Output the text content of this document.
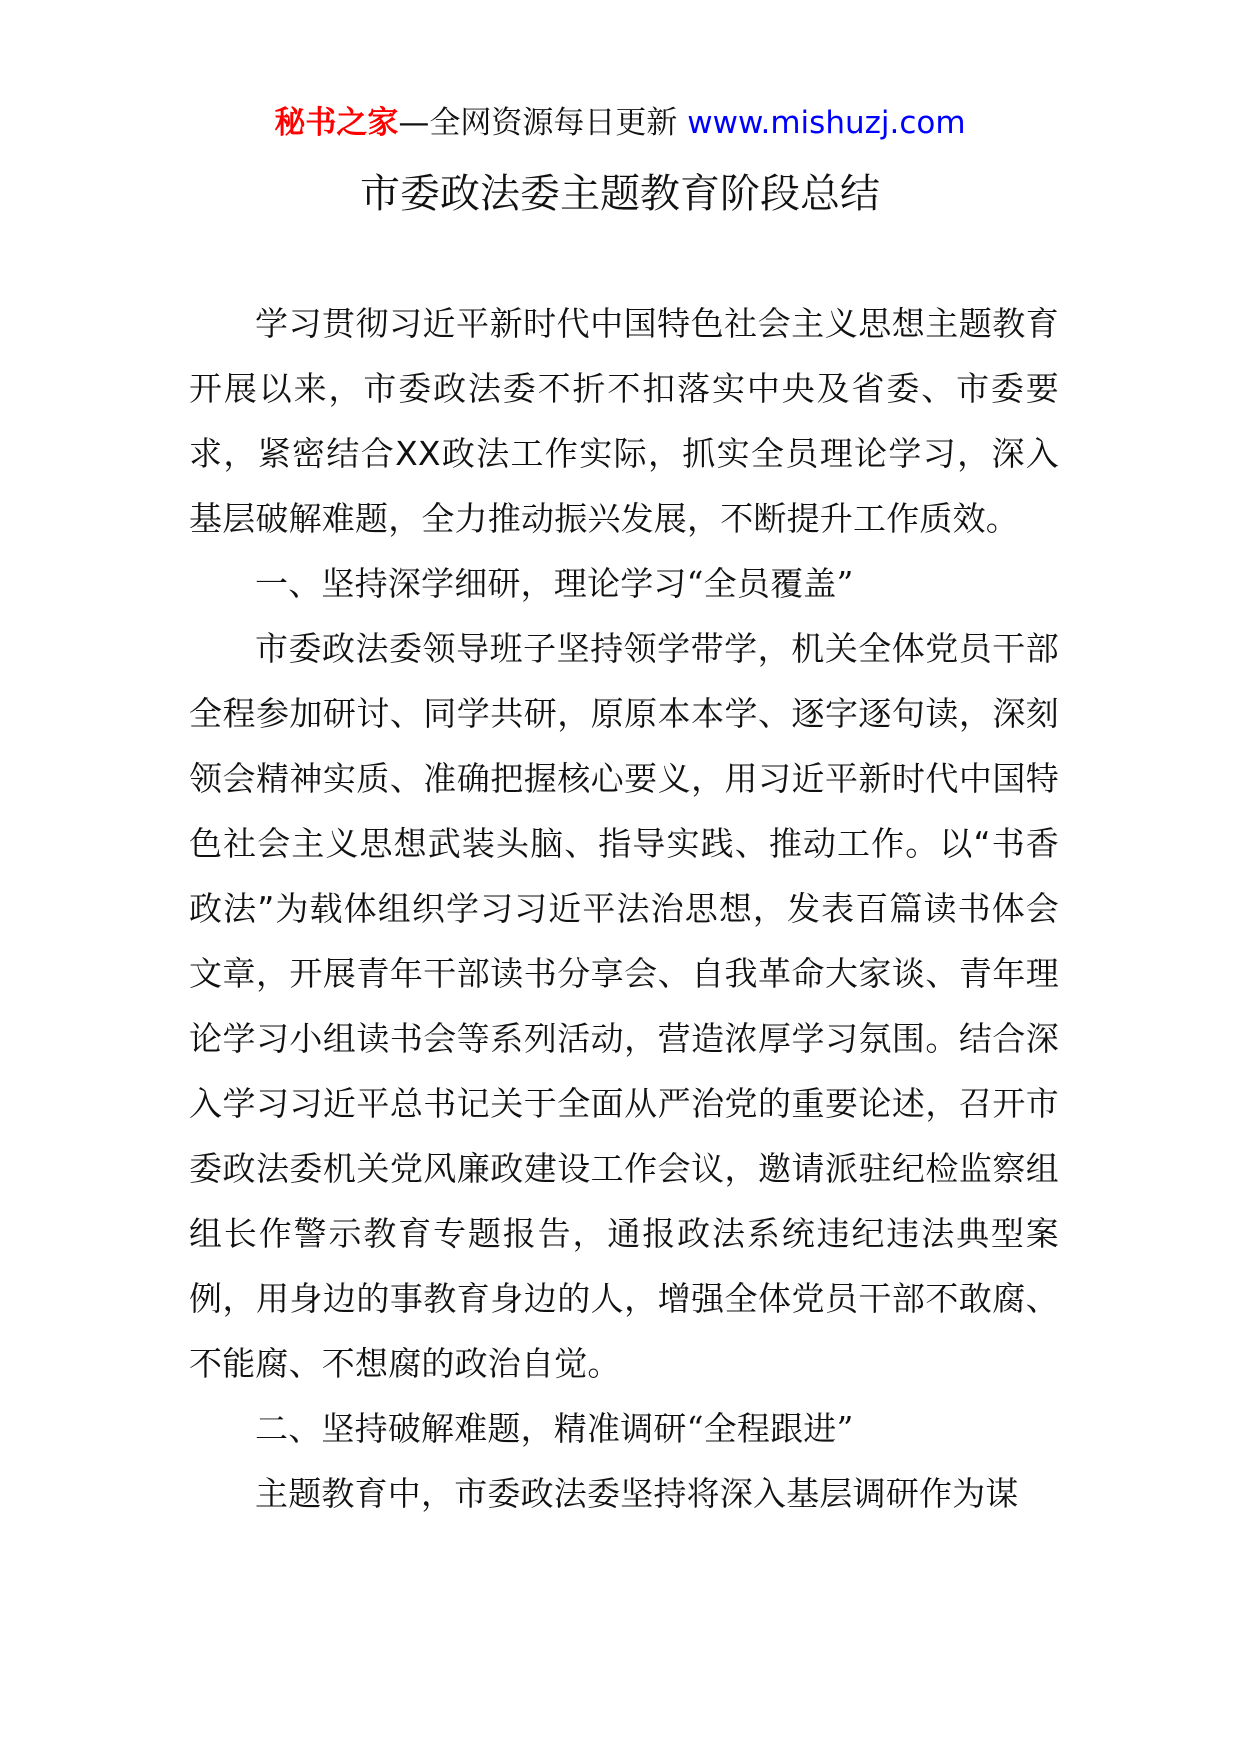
秘书之家—全网资源每日更新 www.mishuzj.com
市委政法委主题教育阶段总结

学习贯彻习近平新时代中国特色社会主义思想主题教育开展以来，市委政法委不折不扣落实中央及省委、市委要求，紧密结合XX政法工作实际，抓实全员理论学习，深入基层破解难题，全力推动振兴发展，不断提升工作质效。

一、坚持深学细研，理论学习“全员覆盖”

市委政法委领导班子坚持领学带学，机关全体党员干部全程参加研讨、同学共研，原原本本学、逐字逐句读，深刻领会精神实质、准确把握核心要义，用习近平新时代中国特色社会主义思想武装头脑、指导实践、推动工作。以“书香政法”为载体组织学习习近平法治思想，发表百篇读书体会文章，开展青年干部读书分享会、自我革命大家谈、青年理论学习小组读书会等系列活动，营造浓厚学习氛围。结合深入学习习近平总书记关于全面从严治党的重要论述，召开市委政法委机关党风廉政建设工作会议，邀请派驻纪检监察组组长作警示教育专题报告，通报政法系统违纪违法典型案例，用身边的事教育身边的人，增强全体党员干部不敢腐、不能腐、不想腐的政治自觉。

二、坚持破解难题，精准调研“全程跟进”

主题教育中，市委政法委坚持将深入基层调研作为谋
